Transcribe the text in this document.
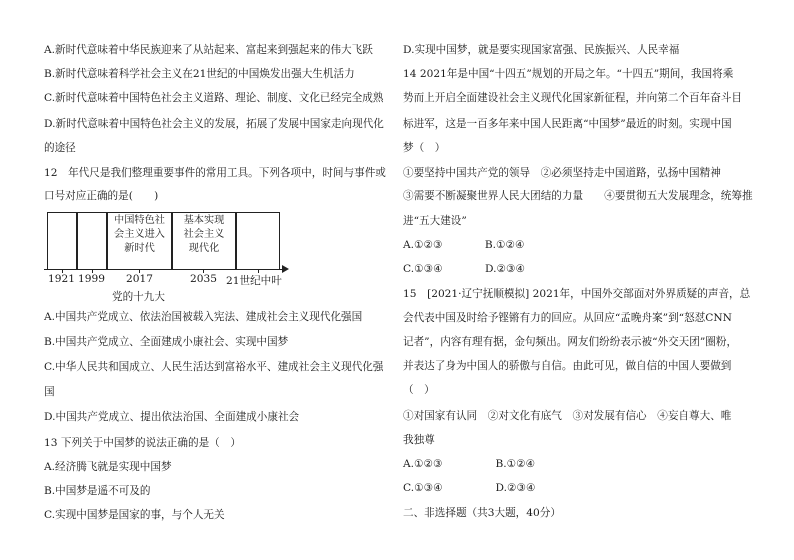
A.新时代意味着中华民族迎来了从站起来、富起来到强起来的伟大飞跃
B.新时代意味着科学社会主义在21世纪的中国焕发出强大生机活力
C.新时代意味着中国特色社会主义道路、理论、制度、文化已经完全成熟
D.新时代意味着中国特色社会主义的发展，拓展了发展中国家走向现代化
的途径
12　年代尺是我们整理重要事件的常用工具。下列各项中，时间与事件或
口号对应正确的是(　　)
中国特色社
会主义进入
新时代
基本实现
社会主义
现代化
1921 1999 2017	2035 21世纪中叶
党的十九大
A.中国共产党成立、依法治国被载入宪法、建成社会主义现代化强国
B.中国共产党成立、全面建成小康社会、实现中国梦
C.中华人民共和国成立、人民生活达到富裕水平、建成社会主义现代化强
国
D.中国共产党成立、提出依法治国、全面建成小康社会
13 下列关于中国梦的说法正确的是（　）
A.经济腾飞就是实现中国梦
B.中国梦是遥不可及的
C.实现中国梦是国家的事，与个人无关
D.实现中国梦，就是要实现国家富强、民族振兴、人民幸福
14 2021年是中国“十四五”规划的开局之年。“十四五”期间，我国将乘
势而上开启全面建设社会主义现代化国家新征程，并向第二个百年奋斗目
标进军，这是一百多年来中国人民距离“中国梦”最近的时刻。实现中国
梦（　）
①要坚持中国共产党的领导　②必须坚持走中国道路，弘扬中国精神
③需要不断凝聚世界人民大团结的力量　　④要贯彻五大发展理念，统筹推
进“五大建设”
A.①②③　　　　B.①②④
C.①③④　　　　D.②③④
15　[2021·辽宁抚顺模拟] 2021年，中国外交部面对外界质疑的声音，总
会代表中国及时给予铿锵有力的回应。从回应“孟晚舟案”到“怒怼CNN
记者”，内容有理有据，金句频出。网友们纷纷表示被“外交天团”圈粉，
并表达了身为中国人的骄傲与自信。由此可见，做自信的中国人要做到
（　）
①对国家有认同　②对文化有底气　③对发展有信心　④妄自尊大、唯
我独尊
A.①②③　　　　　B.①②④
C.①③④　　　　　D.②③④
二、非选择题（共3大题，40分）
